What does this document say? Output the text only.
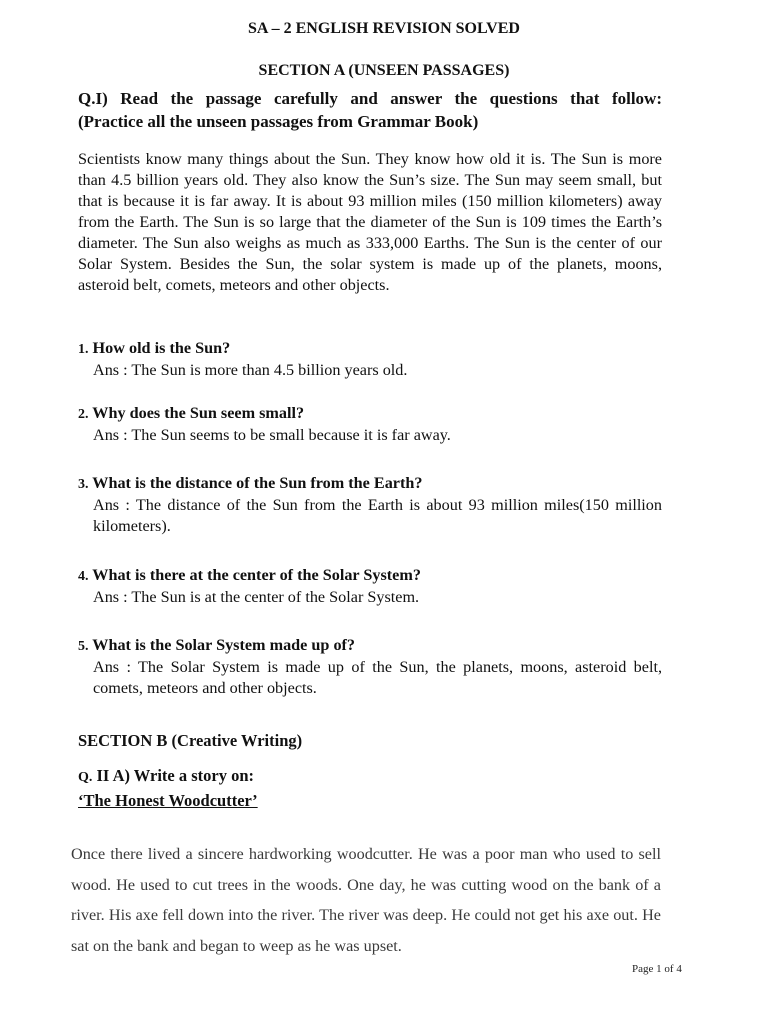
SA – 2 ENGLISH REVISION SOLVED
SECTION A (UNSEEN PASSAGES)
Q.I) Read the passage carefully and answer the questions that follow:
(Practice all the unseen passages from Grammar Book)
Scientists know many things about the Sun. They know how old it is. The Sun is more than 4.5 billion years old. They also know the Sun’s size. The Sun may seem small, but that is because it is far away. It is about 93 million miles (150 million kilometers) away from the Earth. The Sun is so large that the diameter of the Sun is 109 times the Earth’s diameter. The Sun also weighs as much as 333,000 Earths. The Sun is the center of our Solar System. Besides the Sun, the solar system is made up of the planets, moons, asteroid belt, comets, meteors and other objects.
1. How old is the Sun?
Ans : The Sun is more than 4.5 billion years old.
2. Why does the Sun seem small?
Ans : The Sun seems to be small because it is far away.
3. What is the distance of the Sun from the Earth?
Ans : The distance of the Sun from the Earth is about 93 million miles(150 million kilometers).
4. What is there at the center of the Solar System?
Ans : The Sun is at the center of the Solar System.
5. What is the Solar System made up of?
Ans : The Solar System is made up of the Sun, the planets, moons, asteroid belt, comets, meteors and other objects.
SECTION B (Creative Writing)
Q. II A) Write a story on:
‘The Honest Woodcutter’
Once there lived a sincere hardworking woodcutter. He was a poor man who used to sell wood. He used to cut trees in the woods. One day, he was cutting wood on the bank of a river. His axe fell down into the river. The river was deep. He could not get his axe out. He sat on the bank and began to weep as he was upset.
Page 1 of 4
